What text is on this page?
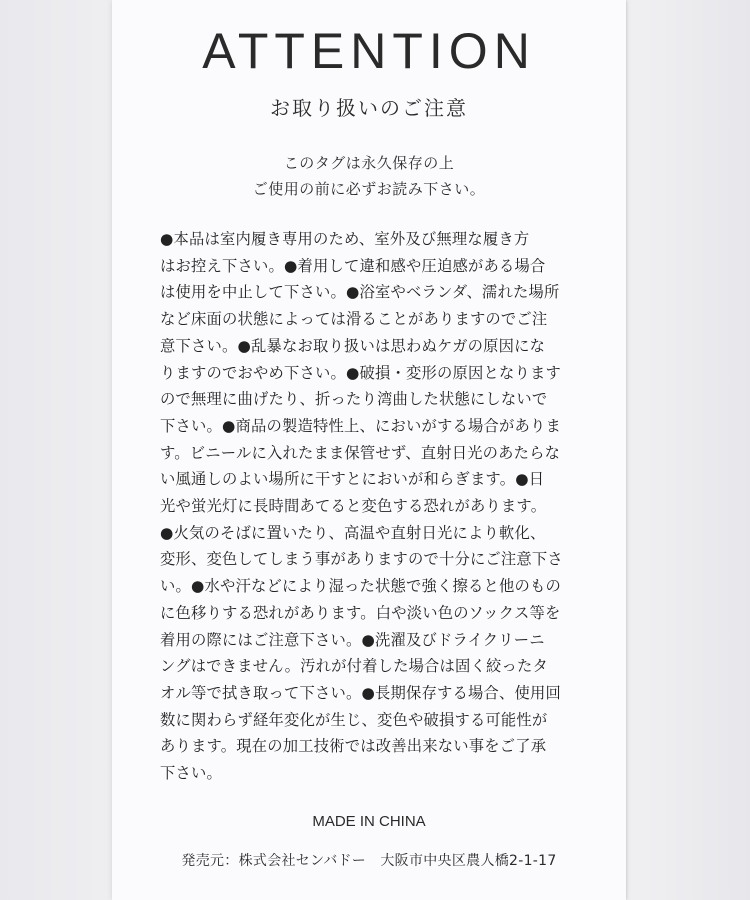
ATTENTION
お取り扱いのご注意
このタグは永久保存の上
ご使用の前に必ずお読み下さい。
●本品は室内履き専用のため、室外及び無理な履き方
はお控え下さい。●着用して違和感や圧迫感がある場合
は使用を中止して下さい。●浴室やベランダ、濡れた場所
など床面の状態によっては滑ることがありますのでご注
意下さい。●乱暴なお取り扱いは思わぬケガの原因にな
りますのでおやめ下さい。●破損・変形の原因となります
ので無理に曲げたり、折ったり湾曲した状態にしないで
下さい。●商品の製造特性上、においがする場合がありま
す。ビニールに入れたまま保管せず、直射日光のあたらな
い風通しのよい場所に干すとにおいが和らぎます。●日
光や蛍光灯に長時間あてると変色する恐れがあります。
●火気のそばに置いたり、高温や直射日光により軟化、
変形、変色してしまう事がありますので十分にご注意下さ
い。●水や汗などにより湿った状態で強く擦ると他のもの
に色移りする恐れがあります。白や淡い色のソックス等を
着用の際にはご注意下さい。●洗濯及びドライクリーニ
ングはできません。汚れが付着した場合は固く絞ったタ
オル等で拭き取って下さい。●長期保存する場合、使用回
数に関わらず経年変化が生じ、変色や破損する可能性が
あります。現在の加工技術では改善出来ない事をご了承
下さい。
MADE IN CHINA
発売元：株式会社センバドー　大阪市中央区農人橋2-1-17
